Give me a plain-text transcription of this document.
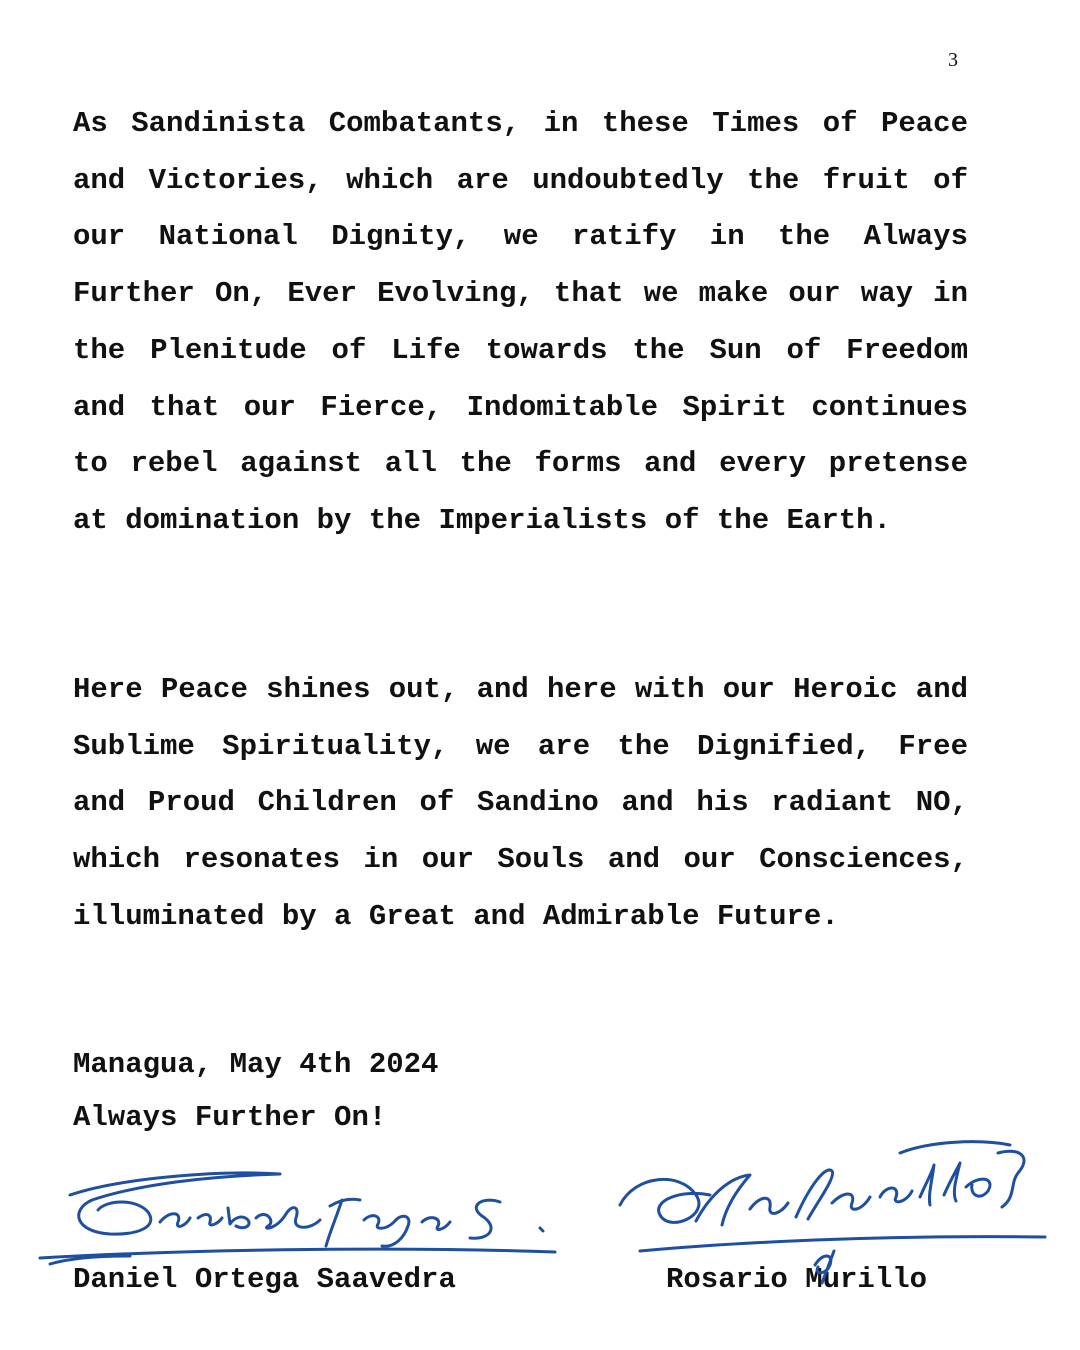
3

As Sandinista Combatants, in these Times of Peace and Victories, which are undoubtedly the fruit of our National Dignity, we ratify in the Always Further On, Ever Evolving, that we make our way in the Plenitude of Life towards the Sun of Freedom and that our Fierce, Indomitable Spirit continues to rebel against all the forms and every pretense at domination by the Imperialists of the Earth.

Here Peace shines out, and here with our Heroic and Sublime Spirituality, we are the Dignified, Free and Proud Children of Sandino and his radiant NO, which resonates in our Souls and our Consciences, illuminated by a Great and Admirable Future.

Managua, May 4th 2024

Always Further On!

Daniel Ortega Saavedra	Rosario Murillo
